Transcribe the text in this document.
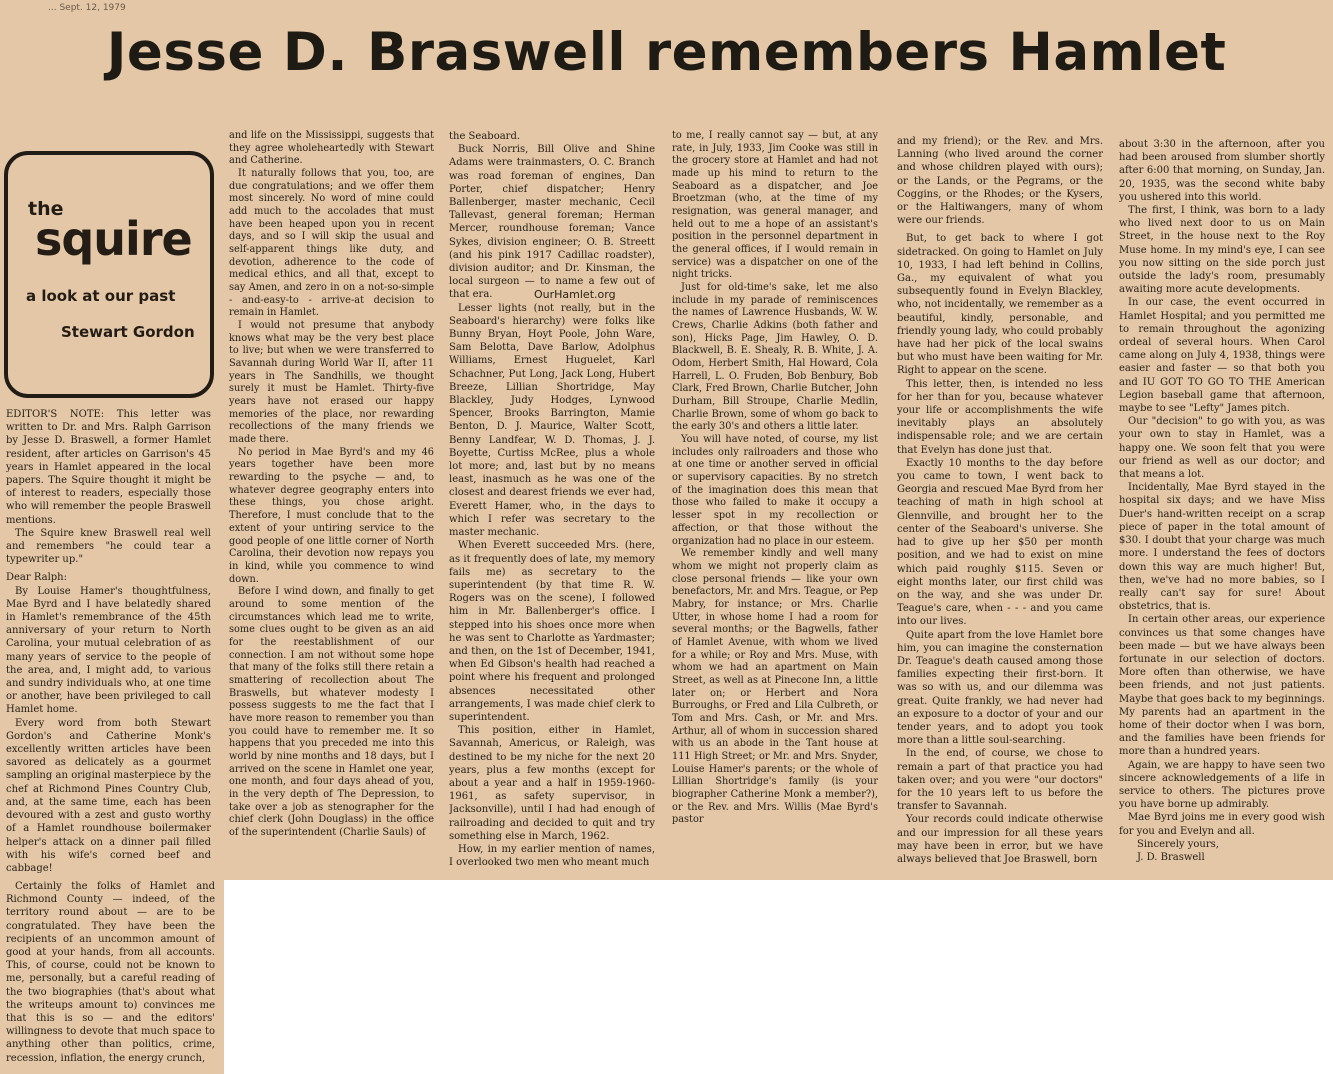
... Sept. 12, 1979
Jesse D. Braswell remembers Hamlet
the
squire
a look at our past
Stewart Gordon

EDITOR'S NOTE: This letter was written to Dr. and Mrs. Ralph Garrison by Jesse D. Braswell, a former Hamlet resident, after articles on Garrison's 45 years in Hamlet appeared in the local papers. The Squire thought it might be of interest to readers, especially those who will remember the people Braswell mentions.

The Squire knew Braswell real well and remembers "he could tear a typewriter up."

Dear Ralph:

By Louise Hamer's thoughtfulness, Mae Byrd and I have belatedly shared in Hamlet's remembrance of the 45th anniversary of your return to North Carolina, your mutual celebration of as many years of service to the people of the area, and, I might add, to various and sundry individuals who, at one time or another, have been privileged to call Hamlet home.

Every word from both Stewart Gordon's and Catherine Monk's excellently written articles have been savored as delicately as a gourmet sampling an original masterpiece by the chef at Richmond Pines Country Club, and, at the same time, each has been devoured with a zest and gusto worthy of a Hamlet roundhouse boilermaker helper's attack on a dinner pail filled with his wife's corned beef and cabbage!

Certainly the folks of Hamlet and Richmond County — indeed, of the territory round about — are to be congratulated. They have been the recipients of an uncommon amount of good at your hands, from all accounts. This, of course, could not be known to me, personally, but a careful reading of the two biographies (that's about what the writeups amount to) convinces me that this is so — and the editors' willingness to devote that much space to anything other than politics, crime, recession, inflation, the energy crunch,

and life on the Mississippi, suggests that they agree wholeheartedly with Stewart and Catherine.

It naturally follows that you, too, are due congratulations; and we offer them most sincerely. No word of mine could add much to the accolades that must have been heaped upon you in recent days, and so I will skip the usual and self-apparent things like duty, and devotion, adherence to the code of medical ethics, and all that, except to say Amen, and zero in on a not-so-simple - and-easy-to - arrive-at decision to remain in Hamlet.

I would not presume that anybody knows what may be the very best place to live; but when we were transferred to Savannah during World War II, after 11 years in The Sandhills, we thought surely it must be Hamlet. Thirty-five years have not erased our happy memories of the place, nor rewarding recollections of the many friends we made there.

No period in Mae Byrd's and my 46 years together have been more rewarding to the psyche — and, to whatever degree geography enters into these things, you chose aright. Therefore, I must conclude that to the extent of your untiring service to the good people of one little corner of North Carolina, their devotion now repays you in kind, while you commence to wind down.

Before I wind down, and finally to get around to some mention of the circumstances which lead me to write, some clues ought to be given as an aid for the reestablishment of our connection. I am not without some hope that many of the folks still there retain a smattering of recollection about The Braswells, but whatever modesty I possess suggests to me the fact that I have more reason to remember you than you could have to remember me. It so happens that you preceded me into this world by nine months and 18 days, but I arrived on the scene in Hamlet one year, one month, and four days ahead of you, in the very depth of The Depression, to take over a job as stenographer for the chief clerk (John Douglass) in the office of the superintendent (Charlie Sauls) of

the Seaboard.

Buck Norris, Bill Olive and Shine Adams were trainmasters, O. C. Branch was road foreman of engines, Dan Porter, chief dispatcher; Henry Ballenberger, master mechanic, Cecil Tallevast, general foreman; Herman Mercer, roundhouse foreman; Vance Sykes, division engineer; O. B. Streett (and his pink 1917 Cadillac roadster), division auditor; and Dr. Kinsman, the local surgeon — to name a few out of that era.

Lesser lights (not really, but in the Seaboard's hierarchy) were folks like Bunny Bryan, Hoyt Poole, John Ware, Sam Belotta, Dave Barlow, Adolphus Williams, Ernest Huguelet, Karl Schachner, Put Long, Jack Long, Hubert Breeze, Lillian Shortridge, May Blackley, Judy Hodges, Lynwood Spencer, Brooks Barrington, Mamie Benton, D. J. Maurice, Walter Scott, Benny Landfear, W. D. Thomas, J. J. Boyette, Curtiss McRee, plus a whole lot more; and, last but by no means least, inasmuch as he was one of the closest and dearest friends we ever had, Everett Hamer, who, in the days to which I refer was secretary to the master mechanic.

When Everett succeeded Mrs. (here, as it frequently does of late, my memory fails me) as secretary to the superintendent (by that time R. W. Rogers was on the scene), I followed him in Mr. Ballenberger's office. I stepped into his shoes once more when he was sent to Charlotte as Yardmaster; and then, on the 1st of December, 1941, when Ed Gibson's health had reached a point where his frequent and prolonged absences necessitated other arrangements, I was made chief clerk to superintendent.

This position, either in Hamlet, Savannah, Americus, or Raleigh, was destined to be my niche for the next 20 years, plus a few months (except for about a year and a half in 1959-1960-1961, as safety supervisor, in Jacksonville), until I had had enough of railroading and decided to quit and try something else in March, 1962.

How, in my earlier mention of names, I overlooked two men who meant much

to me, I really cannot say — but, at any rate, in July, 1933, Jim Cooke was still in the grocery store at Hamlet and had not made up his mind to return to the Seaboard as a dispatcher, and Joe Broetzman (who, at the time of my resignation, was general manager, and held out to me a hope of an assistant's position in the personnel department in the general offices, if I would remain in service) was a dispatcher on one of the night tricks.

Just for old-time's sake, let me also include in my parade of reminiscences the names of Lawrence Husbands, W. W. Crews, Charlie Adkins (both father and son), Hicks Page, Jim Hawley, O. D. Blackwell, B. E. Shealy, R. B. White, J. A. Odom, Herbert Smith, Hal Howard, Cola Harrell, L. O. Fruden, Bob Benbury, Bob Clark, Fred Brown, Charlie Butcher, John Durham, Bill Stroupe, Charlie Medlin, Charlie Brown, some of whom go back to the early 30's and others a little later.

You will have noted, of course, my list includes only railroaders and those who at one time or another served in official or supervisory capacities. By no stretch of the imagination does this mean that those who failed to make it occupy a lesser spot in my recollection or affection, or that those without the organization had no place in our esteem.

We remember kindly and well many whom we might not properly claim as close personal friends — like your own benefactors, Mr. and Mrs. Teague, or Pep Mabry, for instance; or Mrs. Charlie Utter, in whose home I had a room for several months; or the Bagwells, father of Hamlet Avenue, with whom we lived for a while; or Roy and Mrs. Muse, with whom we had an apartment on Main Street, as well as at Pinecone Inn, a little later on; or Herbert and Nora Burroughs, or Fred and Lila Culbreth, or Tom and Mrs. Cash, or Mr. and Mrs. Arthur, all of whom in succession shared with us an abode in the Tant house at 111 High Street; or Mr. and Mrs. Snyder, Louise Hamer's parents; or the whole of Lillian Shortridge's family (is your biographer Catherine Monk a member?), or the Rev. and Mrs. Willis (Mae Byrd's pastor

and my friend); or the Rev. and Mrs. Lanning (who lived around the corner and whose children played with ours); or the Lands, or the Pegrams, or the Coggins, or the Rhodes; or the Kysers, or the Haltiwangers, many of whom were our friends.

But, to get back to where I got sidetracked. On going to Hamlet on July 10, 1933, I had left behind in Collins, Ga., my equivalent of what you subsequently found in Evelyn Blackley, who, not incidentally, we remember as a beautiful, kindly, personable, and friendly young lady, who could probably have had her pick of the local swains but who must have been waiting for Mr. Right to appear on the scene.

This letter, then, is intended no less for her than for you, because whatever your life or accomplishments the wife inevitably plays an absolutely indispensable role; and we are certain that Evelyn has done just that.

Exactly 10 months to the day before you came to town, I went back to Georgia and rescued Mae Byrd from her teaching of math in high school at Glennville, and brought her to the center of the Seaboard's universe. She had to give up her $50 per month position, and we had to exist on mine which paid roughly $115. Seven or eight months later, our first child was on the way, and she was under Dr. Teague's care, when - - - and you came into our lives.

Quite apart from the love Hamlet bore him, you can imagine the consternation Dr. Teague's death caused among those families expecting their first-born. It was so with us, and our dilemma was great. Quite frankly, we had never had an exposure to a doctor of your and our tender years, and to adopt you took more than a little soul-searching.

In the end, of course, we chose to remain a part of that practice you had taken over; and you were "our doctors" for the 10 years left to us before the transfer to Savannah.

Your records could indicate otherwise and our impression for all these years may have been in error, but we have always believed that Joe Braswell, born

about 3:30 in the afternoon, after you had been aroused from slumber shortly after 6:00 that morning, on Sunday, Jan. 20, 1935, was the second white baby you ushered into this world.

The first, I think, was born to a lady who lived next door to us on Main Street, in the house next to the Roy Muse home. In my mind's eye, I can see you now sitting on the side porch just outside the lady's room, presumably awaiting more acute developments.

In our case, the event occurred in Hamlet Hospital; and you permitted me to remain throughout the agonizing ordeal of several hours. When Carol came along on July 4, 1938, things were easier and faster — so that both you and IU GOT TO GO TO THE American Legion baseball game that afternoon, maybe to see "Lefty" James pitch.

Our "decision" to go with you, as was your own to stay in Hamlet, was a happy one. We soon felt that you were our friend as well as our doctor; and that means a lot.

Incidentally, Mae Byrd stayed in the hospital six days; and we have Miss Duer's hand-written receipt on a scrap piece of paper in the total amount of $30. I doubt that your charge was much more. I understand the fees of doctors down this way are much higher! But, then, we've had no more babies, so I really can't say for sure! About obstetrics, that is.

In certain other areas, our experience convinces us that some changes have been made — but we have always been fortunate in our selection of doctors. More often than otherwise, we have been friends, and not just patients. Maybe that goes back to my beginnings. My parents had an apartment in the home of their doctor when I was born, and the families have been friends for more than a hundred years.

Again, we are happy to have seen two sincere acknowledgements of a life in service to others. The pictures prove you have borne up admirably.

Mae Byrd joins me in every good wish for you and Evelyn and all.

Sincerely yours,

J. D. Braswell

OurHamlet.org
